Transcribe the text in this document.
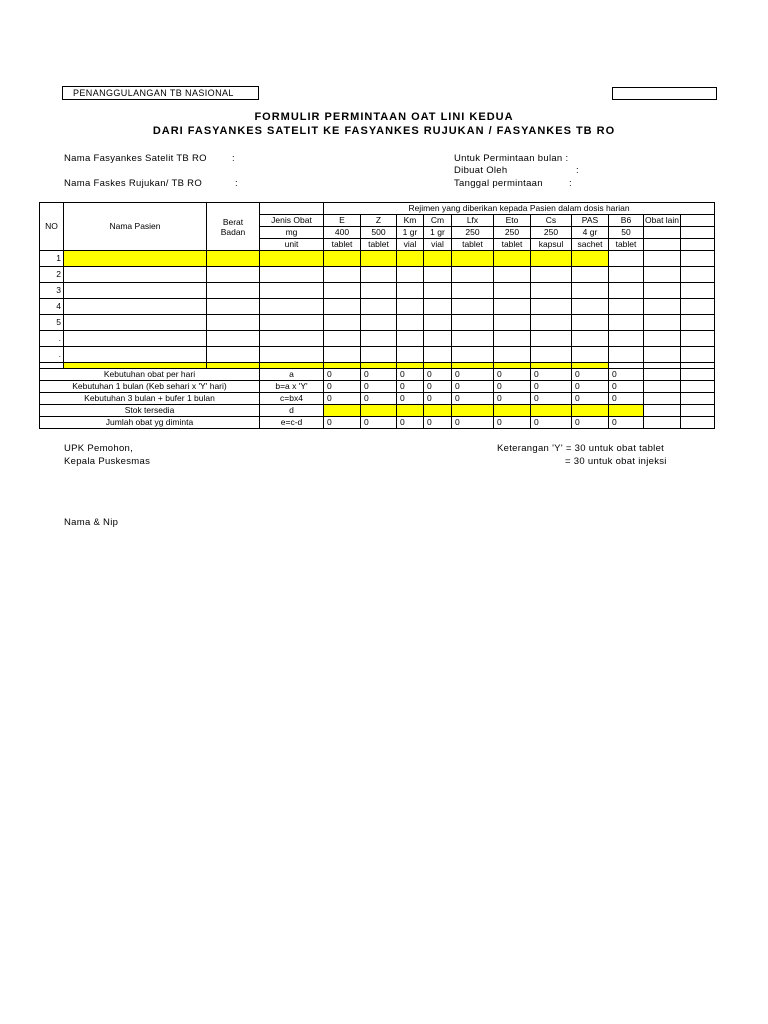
PENANGGULANGAN TB NASIONAL
FORMULIR PERMINTAAN OAT LINI KEDUA
DARI FASYANKES SATELIT KE FASYANKES RUJUKAN / FASYANKES TB RO
Nama Fasyankes Satelit TB RO	:
Nama Faskes Rujukan/ TB RO	:
Untuk Permintaan bulan :
Dibuat Oleh	:
Tanggal permintaan	:
NO	Nama Pasien	Berat
Badan		Rejimen yang diberikan kepada Pasien dalam dosis harian										
			Jenis Obat	E	Z	Km	Cm	Lfx	Eto	Cs	PAS	B6	Obat lain	
			mg	400	500	1 gr	1 gr	250	250	250	4 gr	50		
			unit	tablet	tablet	vial	vial	tablet	tablet	kapsul	sachet	tablet		
1														
2														
3														
4														
5														
.														
.														

Kebutuhan obat per hari			a	0	0	0	0	0	0	0	0	0		
Kebutuhan 1 bulan (Keb sehari x 'Y' hari)			b=a x 'Y'	0	0	0	0	0	0	0	0	0		
Kebutuhan 3 bulan + bufer 1 bulan			c=bx4	0	0	0	0	0	0	0	0	0		
Stok tersedia			d											
Jumlah obat yg diminta			e=c-d	0	0	0	0	0	0	0	0	0		
UPK Pemohon,
Kepala Puskesmas
Nama & Nip
Keterangan 'Y' = 30 untuk obat tablet
= 30 untuk obat injeksi
